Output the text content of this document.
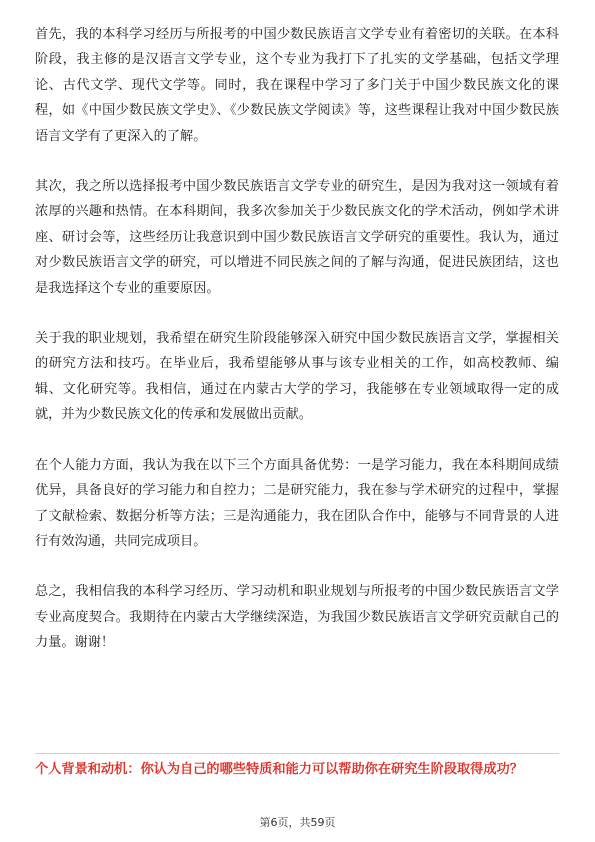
首先，我的本科学习经历与所报考的中国少数民族语言文学专业有着密切的关联。在本科阶段，我主修的是汉语言文学专业，这个专业为我打下了扎实的文学基础，包括文学理论、古代文学、现代文学等。同时，我在课程中学习了多门关于中国少数民族文化的课程，如《中国少数民族文学史》、《少数民族文学阅读》等，这些课程让我对中国少数民族语言文学有了更深入的了解。

其次，我之所以选择报考中国少数民族语言文学专业的研究生，是因为我对这一领域有着浓厚的兴趣和热情。在本科期间，我多次参加关于少数民族文化的学术活动，例如学术讲座、研讨会等，这些经历让我意识到中国少数民族语言文学研究的重要性。我认为，通过对少数民族语言文学的研究，可以增进不同民族之间的了解与沟通，促进民族团结，这也是我选择这个专业的重要原因。

关于我的职业规划，我希望在研究生阶段能够深入研究中国少数民族语言文学，掌握相关的研究方法和技巧。在毕业后，我希望能够从事与该专业相关的工作，如高校教师、编辑、文化研究等。我相信，通过在内蒙古大学的学习，我能够在专业领域取得一定的成就，并为少数民族文化的传承和发展做出贡献。

在个人能力方面，我认为我在以下三个方面具备优势：一是学习能力，我在本科期间成绩优异，具备良好的学习能力和自控力；二是研究能力，我在参与学术研究的过程中，掌握了文献检索、数据分析等方法；三是沟通能力，我在团队合作中，能够与不同背景的人进行有效沟通，共同完成项目。

总之，我相信我的本科学习经历、学习动机和职业规划与所报考的中国少数民族语言文学专业高度契合。我期待在内蒙古大学继续深造，为我国少数民族语言文学研究贡献自己的力量。谢谢！

个人背景和动机：你认为自己的哪些特质和能力可以帮助你在研究生阶段取得成功？

第6页，共59页
